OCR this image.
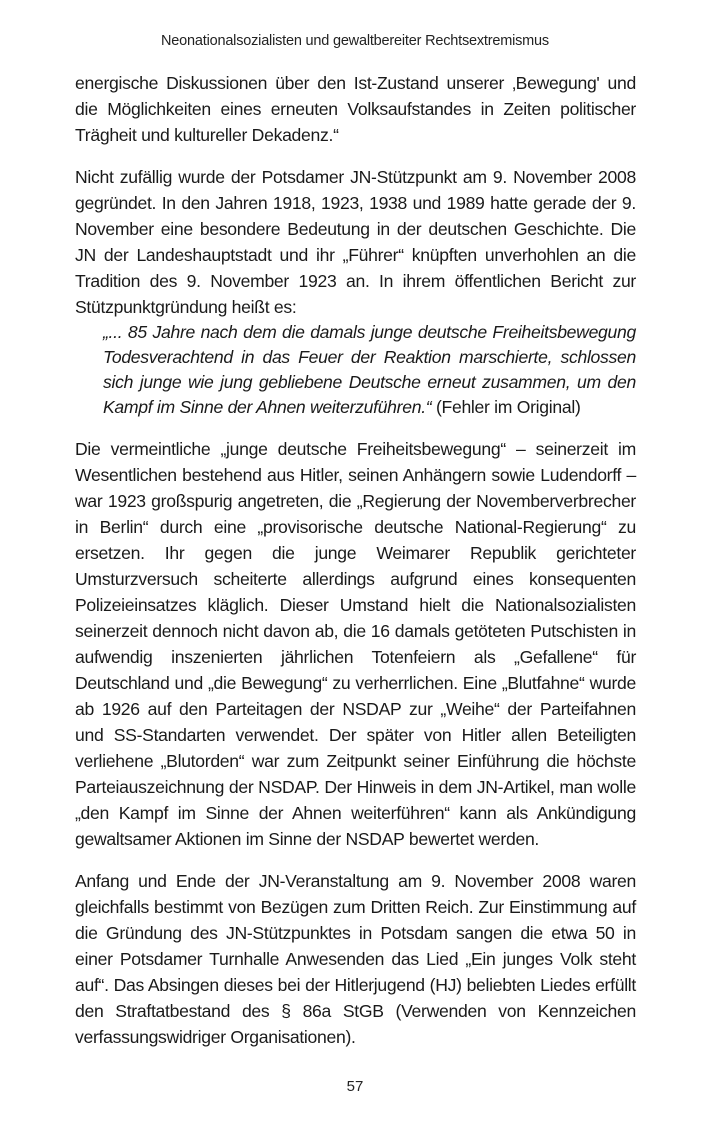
Neonationalsozialisten und gewaltbereiter Rechtsextremismus

energische Diskussionen über den Ist-Zustand unserer ‚Bewegung' und die Möglichkeiten eines erneuten Volksaufstandes in Zeiten politischer Trägheit und kultureller Dekadenz.“

Nicht zufällig wurde der Potsdamer JN-Stützpunkt am 9. November 2008 gegründet. In den Jahren 1918, 1923, 1938 und 1989 hatte gerade der 9. November eine besondere Bedeutung in der deutschen Geschichte. Die JN der Landeshauptstadt und ihr „Führer“ knüpften unverhohlen an die Tradition des 9. November 1923 an. In ihrem öffentlichen Bericht zur Stützpunktgründung heißt es:

„... 85 Jahre nach dem die damals junge deutsche Freiheitsbewegung Todesverachtend in das Feuer der Reaktion marschierte, schlossen sich junge wie jung gebliebene Deutsche erneut zusammen, um den Kampf im Sinne der Ahnen weiterzuführen.“ (Fehler im Original)

Die vermeintliche „junge deutsche Freiheitsbewegung“ – seinerzeit im Wesentlichen bestehend aus Hitler, seinen Anhängern sowie Ludendorff – war 1923 großspurig angetreten, die „Regierung der Novemberverbrecher in Berlin“ durch eine „provisorische deutsche National-Regierung“ zu ersetzen. Ihr gegen die junge Weimarer Republik gerichteter Umsturzversuch scheiterte allerdings aufgrund eines konsequenten Polizeieinsatzes kläglich. Dieser Umstand hielt die Nationalsozialisten seinerzeit dennoch nicht davon ab, die 16 damals getöteten Putschisten in aufwendig inszenierten jährlichen Totenfeiern als „Gefallene“ für Deutschland und „die Bewegung“ zu verherrlichen. Eine „Blutfahne“ wurde ab 1926 auf den Parteitagen der NSDAP zur „Weihe“ der Parteifahnen und SS-Standarten verwendet. Der später von Hitler allen Beteiligten verliehene „Blutorden“ war zum Zeitpunkt seiner Einführung die höchste Parteiauszeichnung der NSDAP. Der Hinweis in dem JN-Artikel, man wolle „den Kampf im Sinne der Ahnen weiterführen“ kann als Ankündigung gewaltsamer Aktionen im Sinne der NSDAP bewertet werden.

Anfang und Ende der JN-Veranstaltung am 9. November 2008 waren gleichfalls bestimmt von Bezügen zum Dritten Reich. Zur Einstimmung auf die Gründung des JN-Stützpunktes in Potsdam sangen die etwa 50 in einer Potsdamer Turnhalle Anwesenden das Lied „Ein junges Volk steht auf“. Das Absingen dieses bei der Hitlerjugend (HJ) beliebten Liedes erfüllt den Straftatbestand des § 86a StGB (Verwenden von Kennzeichen verfassungswidriger Organisationen).

57
